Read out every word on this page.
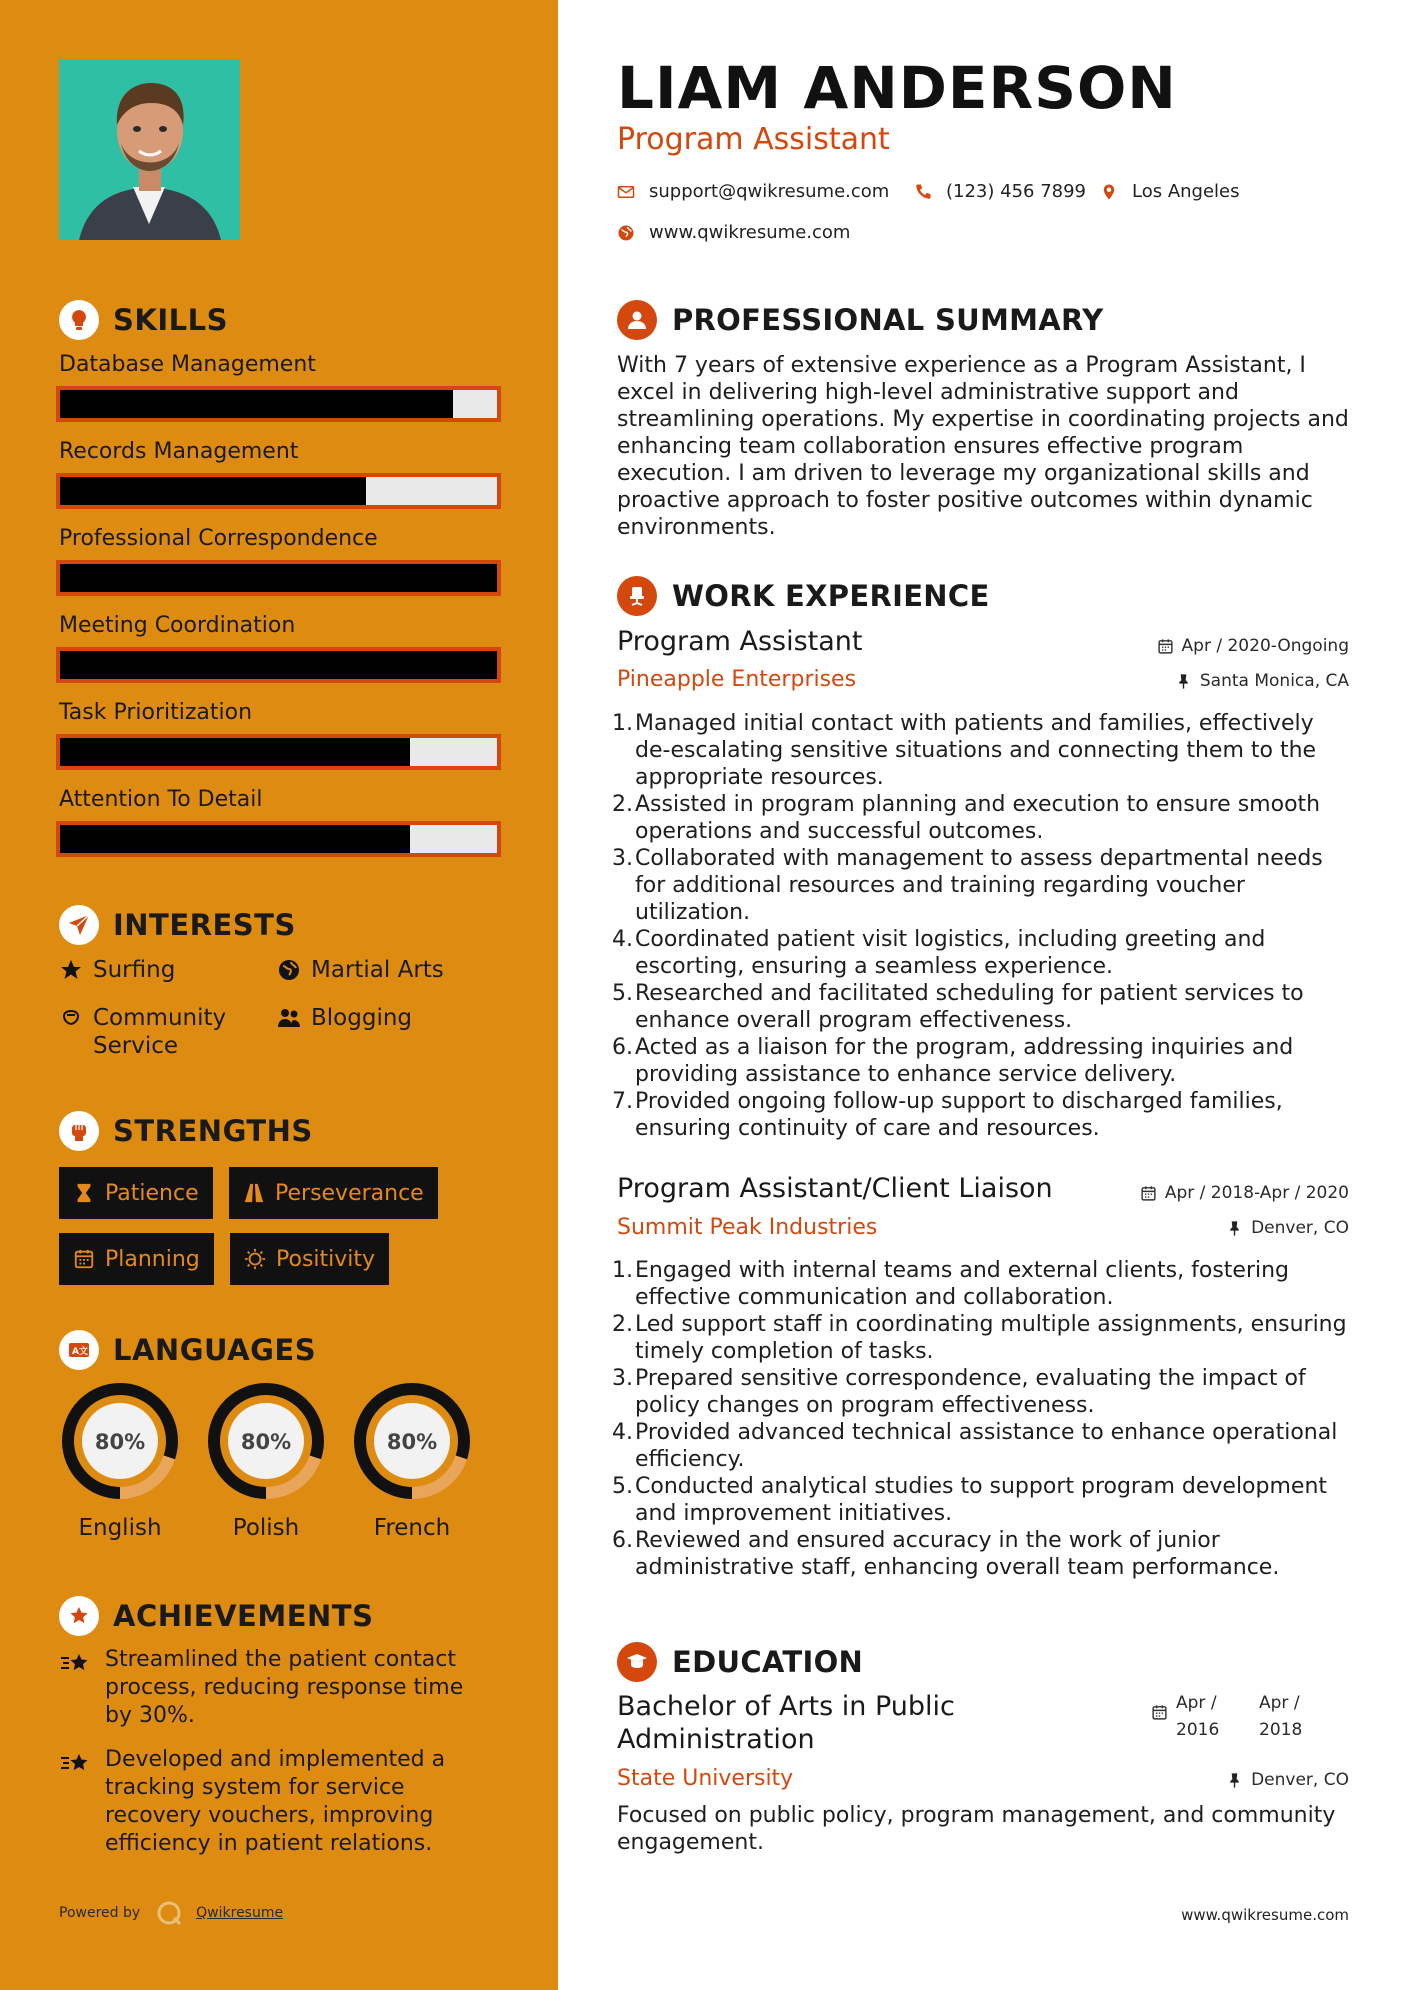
SKILLS
Database Management
Records Management
Professional Correspondence
Meeting Coordination
Task Prioritization
Attention To Detail
INTERESTS
Surfing	Martial Arts
Community Service
Blogging
STRENGTHS
Patience	Perseverance
Planning	Positivity
A文 LANGUAGES
80%
English
80%
Polish
80%
French
ACHIEVEMENTS
Streamlined the patient contact process, reducing response time by 30%.
Developed and implemented a tracking system for service recovery vouchers, improving efficiency in patient relations.
Powered by	Qwikresume
LIAM ANDERSON
Program Assistant
support@qwikresume.com	(123) 456 7899	Los Angeles
www.qwikresume.com
PROFESSIONAL SUMMARY

With 7 years of extensive experience as a Program Assistant, I excel in delivering high-level administrative support and streamlining operations. My expertise in coordinating projects and enhancing team collaboration ensures effective program execution. I am driven to leverage my organizational skills and proactive approach to foster positive outcomes within dynamic environments.

WORK EXPERIENCE
Program Assistant
Pineapple Enterprises
Apr / 2020-Ongoing
Santa Monica, CA
1. Managed initial contact with patients and families, effectively de-escalating sensitive situations and connecting them to the appropriate resources.
2. Assisted in program planning and execution to ensure smooth operations and successful outcomes.
3. Collaborated with management to assess departmental needs for additional resources and training regarding voucher utilization.
4. Coordinated patient visit logistics, including greeting and escorting, ensuring a seamless experience.
5. Researched and facilitated scheduling for patient services to enhance overall program effectiveness.
6. Acted as a liaison for the program, addressing inquiries and providing assistance to enhance service delivery.
7. Provided ongoing follow-up support to discharged families, ensuring continuity of care and resources.
Program Assistant/Client Liaison
Summit Peak Industries
Apr / 2018-Apr / 2020
Denver, CO
1. Engaged with internal teams and external clients, fostering effective communication and collaboration.
2. Led support staff in coordinating multiple assignments, ensuring timely completion of tasks.
3. Prepared sensitive correspondence, evaluating the impact of policy changes on program effectiveness.
4. Provided advanced technical assistance to enhance operational efficiency.
5. Conducted analytical studies to support program development and improvement initiatives.
6. Reviewed and ensured accuracy in the work of junior administrative staff, enhancing overall team performance.
EDUCATION
Bachelor of Arts in Public Administration
State University
Apr /
2016
Apr /
2018
Denver, CO

Focused on public policy, program management, and community engagement.

www.qwikresume.com
